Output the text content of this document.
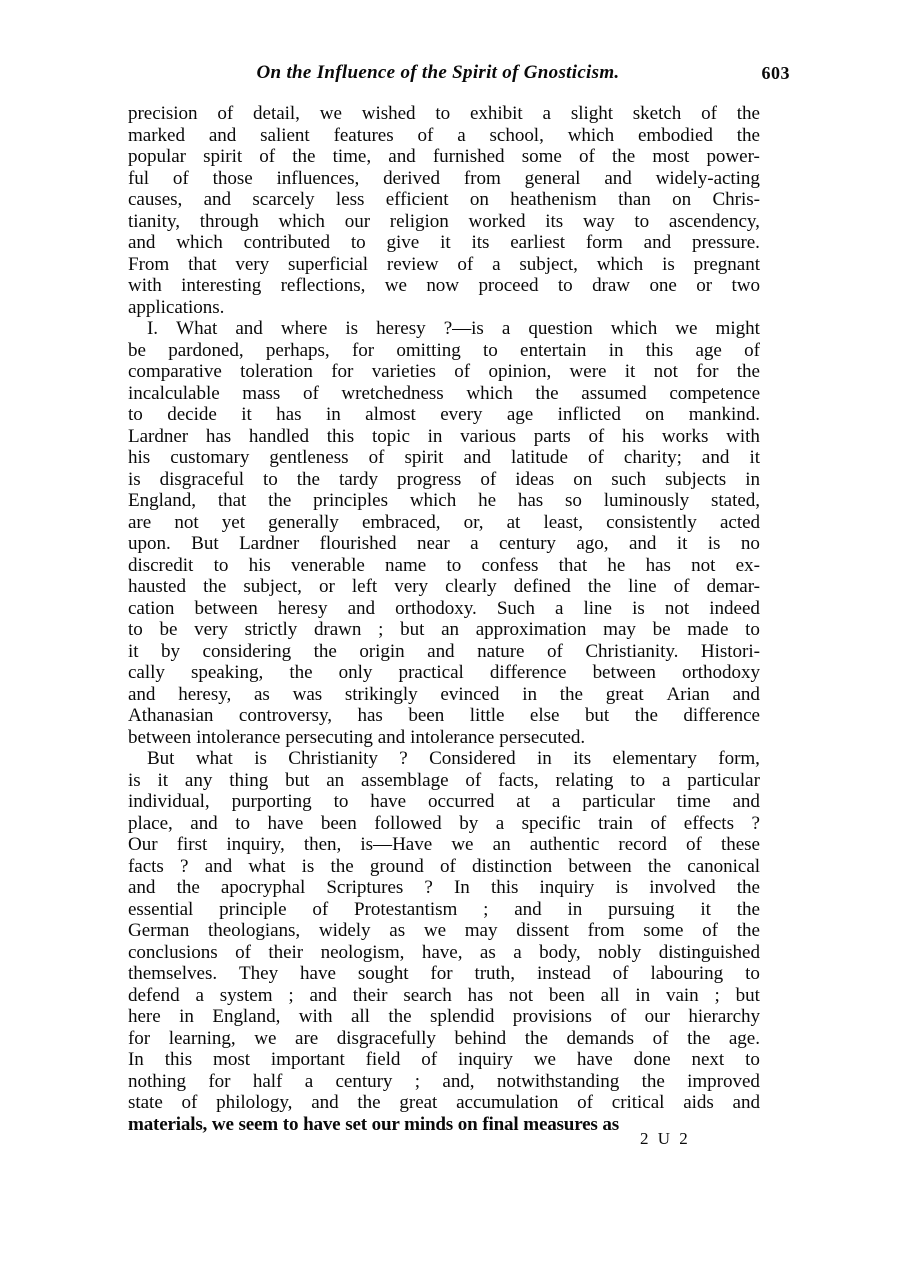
On the Influence of the Spirit of Gnosticism.	603

precision of detail, we wished to exhibit a slight sketch of the
marked and salient features of a school, which embodied the
popular spirit of the time, and furnished some of the most power-
ful of those influences, derived from general and widely-acting
causes, and scarcely less efficient on heathenism than on Chris-
tianity, through which our religion worked its way to ascendency,
and which contributed to give it its earliest form and pressure.
From that very superficial review of a subject, which is pregnant
with interesting reflections, we now proceed to draw one or two
applications.

I. What and where is heresy ?—is a question which we might
be pardoned, perhaps, for omitting to entertain in this age of
comparative toleration for varieties of opinion, were it not for the
incalculable mass of wretchedness which the assumed competence
to decide it has in almost every age inflicted on mankind.
Lardner has handled this topic in various parts of his works with
his customary gentleness of spirit and latitude of charity; and it
is disgraceful to the tardy progress of ideas on such subjects in
England, that the principles which he has so luminously stated,
are not yet generally embraced, or, at least, consistently acted
upon. But Lardner flourished near a century ago, and it is no
discredit to his venerable name to confess that he has not ex-
hausted the subject, or left very clearly defined the line of demar-
cation between heresy and orthodoxy. Such a line is not indeed
to be very strictly drawn ; but an approximation may be made to
it by considering the origin and nature of Christianity. Histori-
cally speaking, the only practical difference between orthodoxy
and heresy, as was strikingly evinced in the great Arian and
Athanasian controversy, has been little else but the difference
between intolerance persecuting and intolerance persecuted.

But what is Christianity ? Considered in its elementary form,
is it any thing but an assemblage of facts, relating to a particular
individual, purporting to have occurred at a particular time and
place, and to have been followed by a specific train of effects ?
Our first inquiry, then, is—Have we an authentic record of these
facts ? and what is the ground of distinction between the canonical
and the apocryphal Scriptures ? In this inquiry is involved the
essential principle of Protestantism ; and in pursuing it the
German theologians, widely as we may dissent from some of the
conclusions of their neologism, have, as a body, nobly distinguished
themselves. They have sought for truth, instead of labouring to
defend a system ; and their search has not been all in vain ; but
here in England, with all the splendid provisions of our hierarchy
for learning, we are disgracefully behind the demands of the age.
In this most important field of inquiry we have done next to
nothing for half a century ; and, notwithstanding the improved
state of philology, and the great accumulation of critical aids and
materials, we seem to have set our minds on final measures as

2 U 2
